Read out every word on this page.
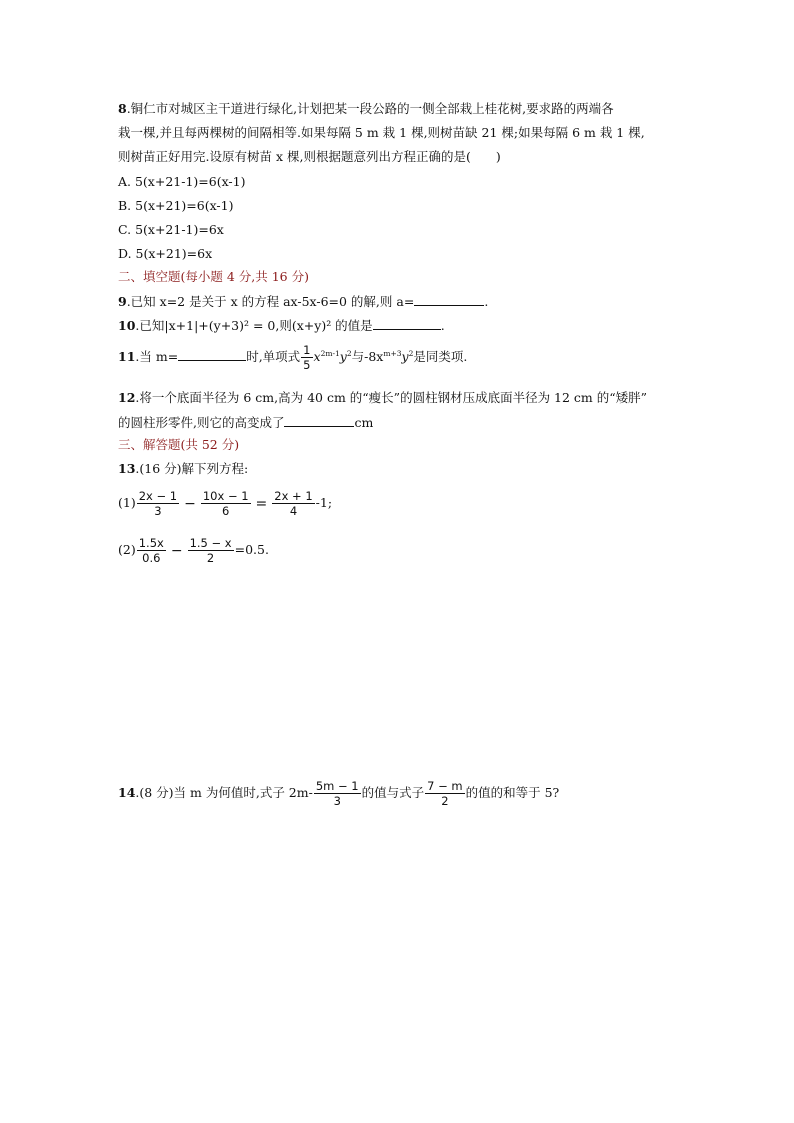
8.铜仁市对城区主干道进行绿化,计划把某一段公路的一侧全部栽上桂花树,要求路的两端各
栽一棵,并且每两棵树的间隔相等.如果每隔 5 m 栽 1 棵,则树苗缺 21 棵;如果每隔 6 m 栽 1 棵,
则树苗正好用完.设原有树苗 x 棵,则根据题意列出方程正确的是(　　)
A. 5(x+21-1)=6(x-1)
B. 5(x+21)=6(x-1)
C. 5(x+21-1)=6x
D. 5(x+21)=6x
二、填空题(每小题 4 分,共 16 分)
9.已知 x=2 是关于 x 的方程 ax-5x-6=0 的解,则 a=	.
10.已知|x+1|+(y+3)² = 0,则(x+y)² 的值是	.
11.当 m=	时,单项式 $\frac{1}{5} x^{2m-1}y^2$与$-8x^{m+3}y^2$是同类项.
12.将一个底面半径为 6 cm,高为 40 cm 的“瘦长”的圆柱钢材压成底面半径为 12 cm 的“矮胖”
的圆柱形零件,则它的高变成了	cm
三、解答题(共 52 分)
13.(16 分)解下列方程:
$(1) \frac{2x - 1}{3} - \frac{10x - 1}{6} = \frac{2x + 1}{4} -1$;
$(2) \frac{1.5x}{0.6} - \frac{1.5 - x}{2} =0.5$.
14.(8 分)当 m 为何值时,式子 $2m- \frac{5m - 1}{3}$ 的值与式子 $\frac{7 - m}{2}$ 的值的和等于 5?
